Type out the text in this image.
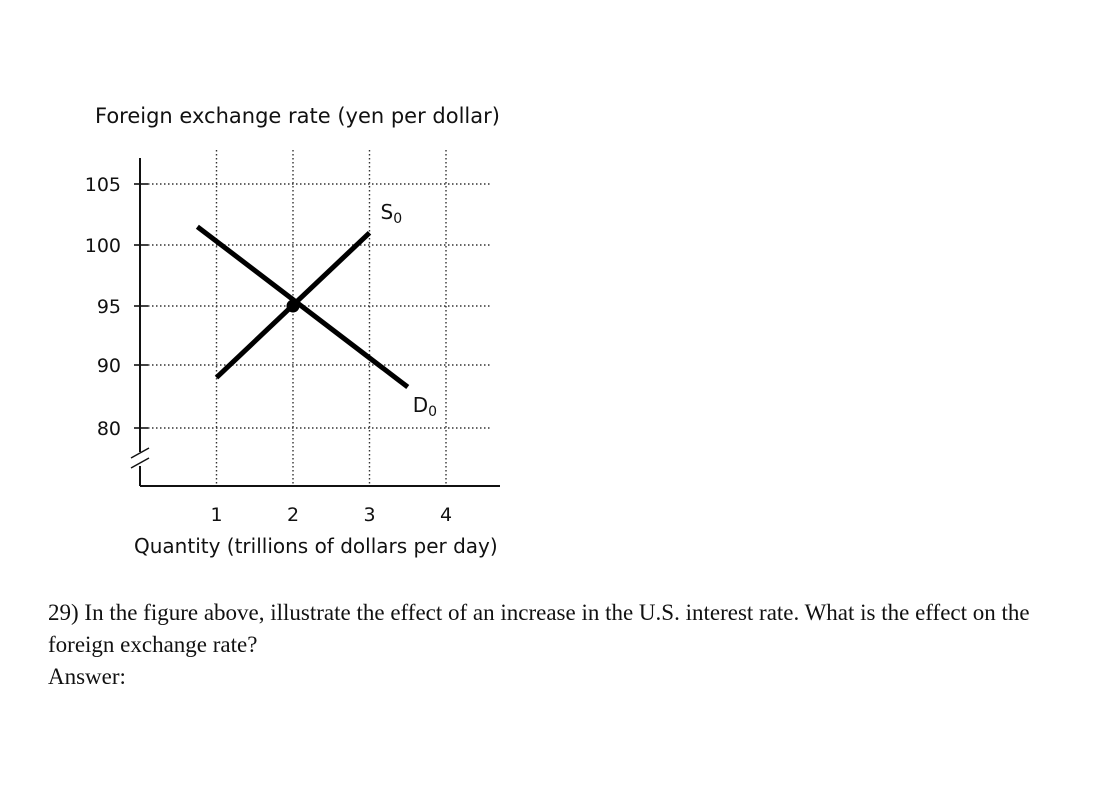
Foreign exchange rate (yen per dollar)
80
90
95
100
105
1	2	3	4
$S_0$
$D_0$
Quantity (trillions of dollars per day)

29) In the figure above, illustrate the effect of an increase in the U.S. interest rate. What is the effect on the foreign exchange rate?

Answer:
